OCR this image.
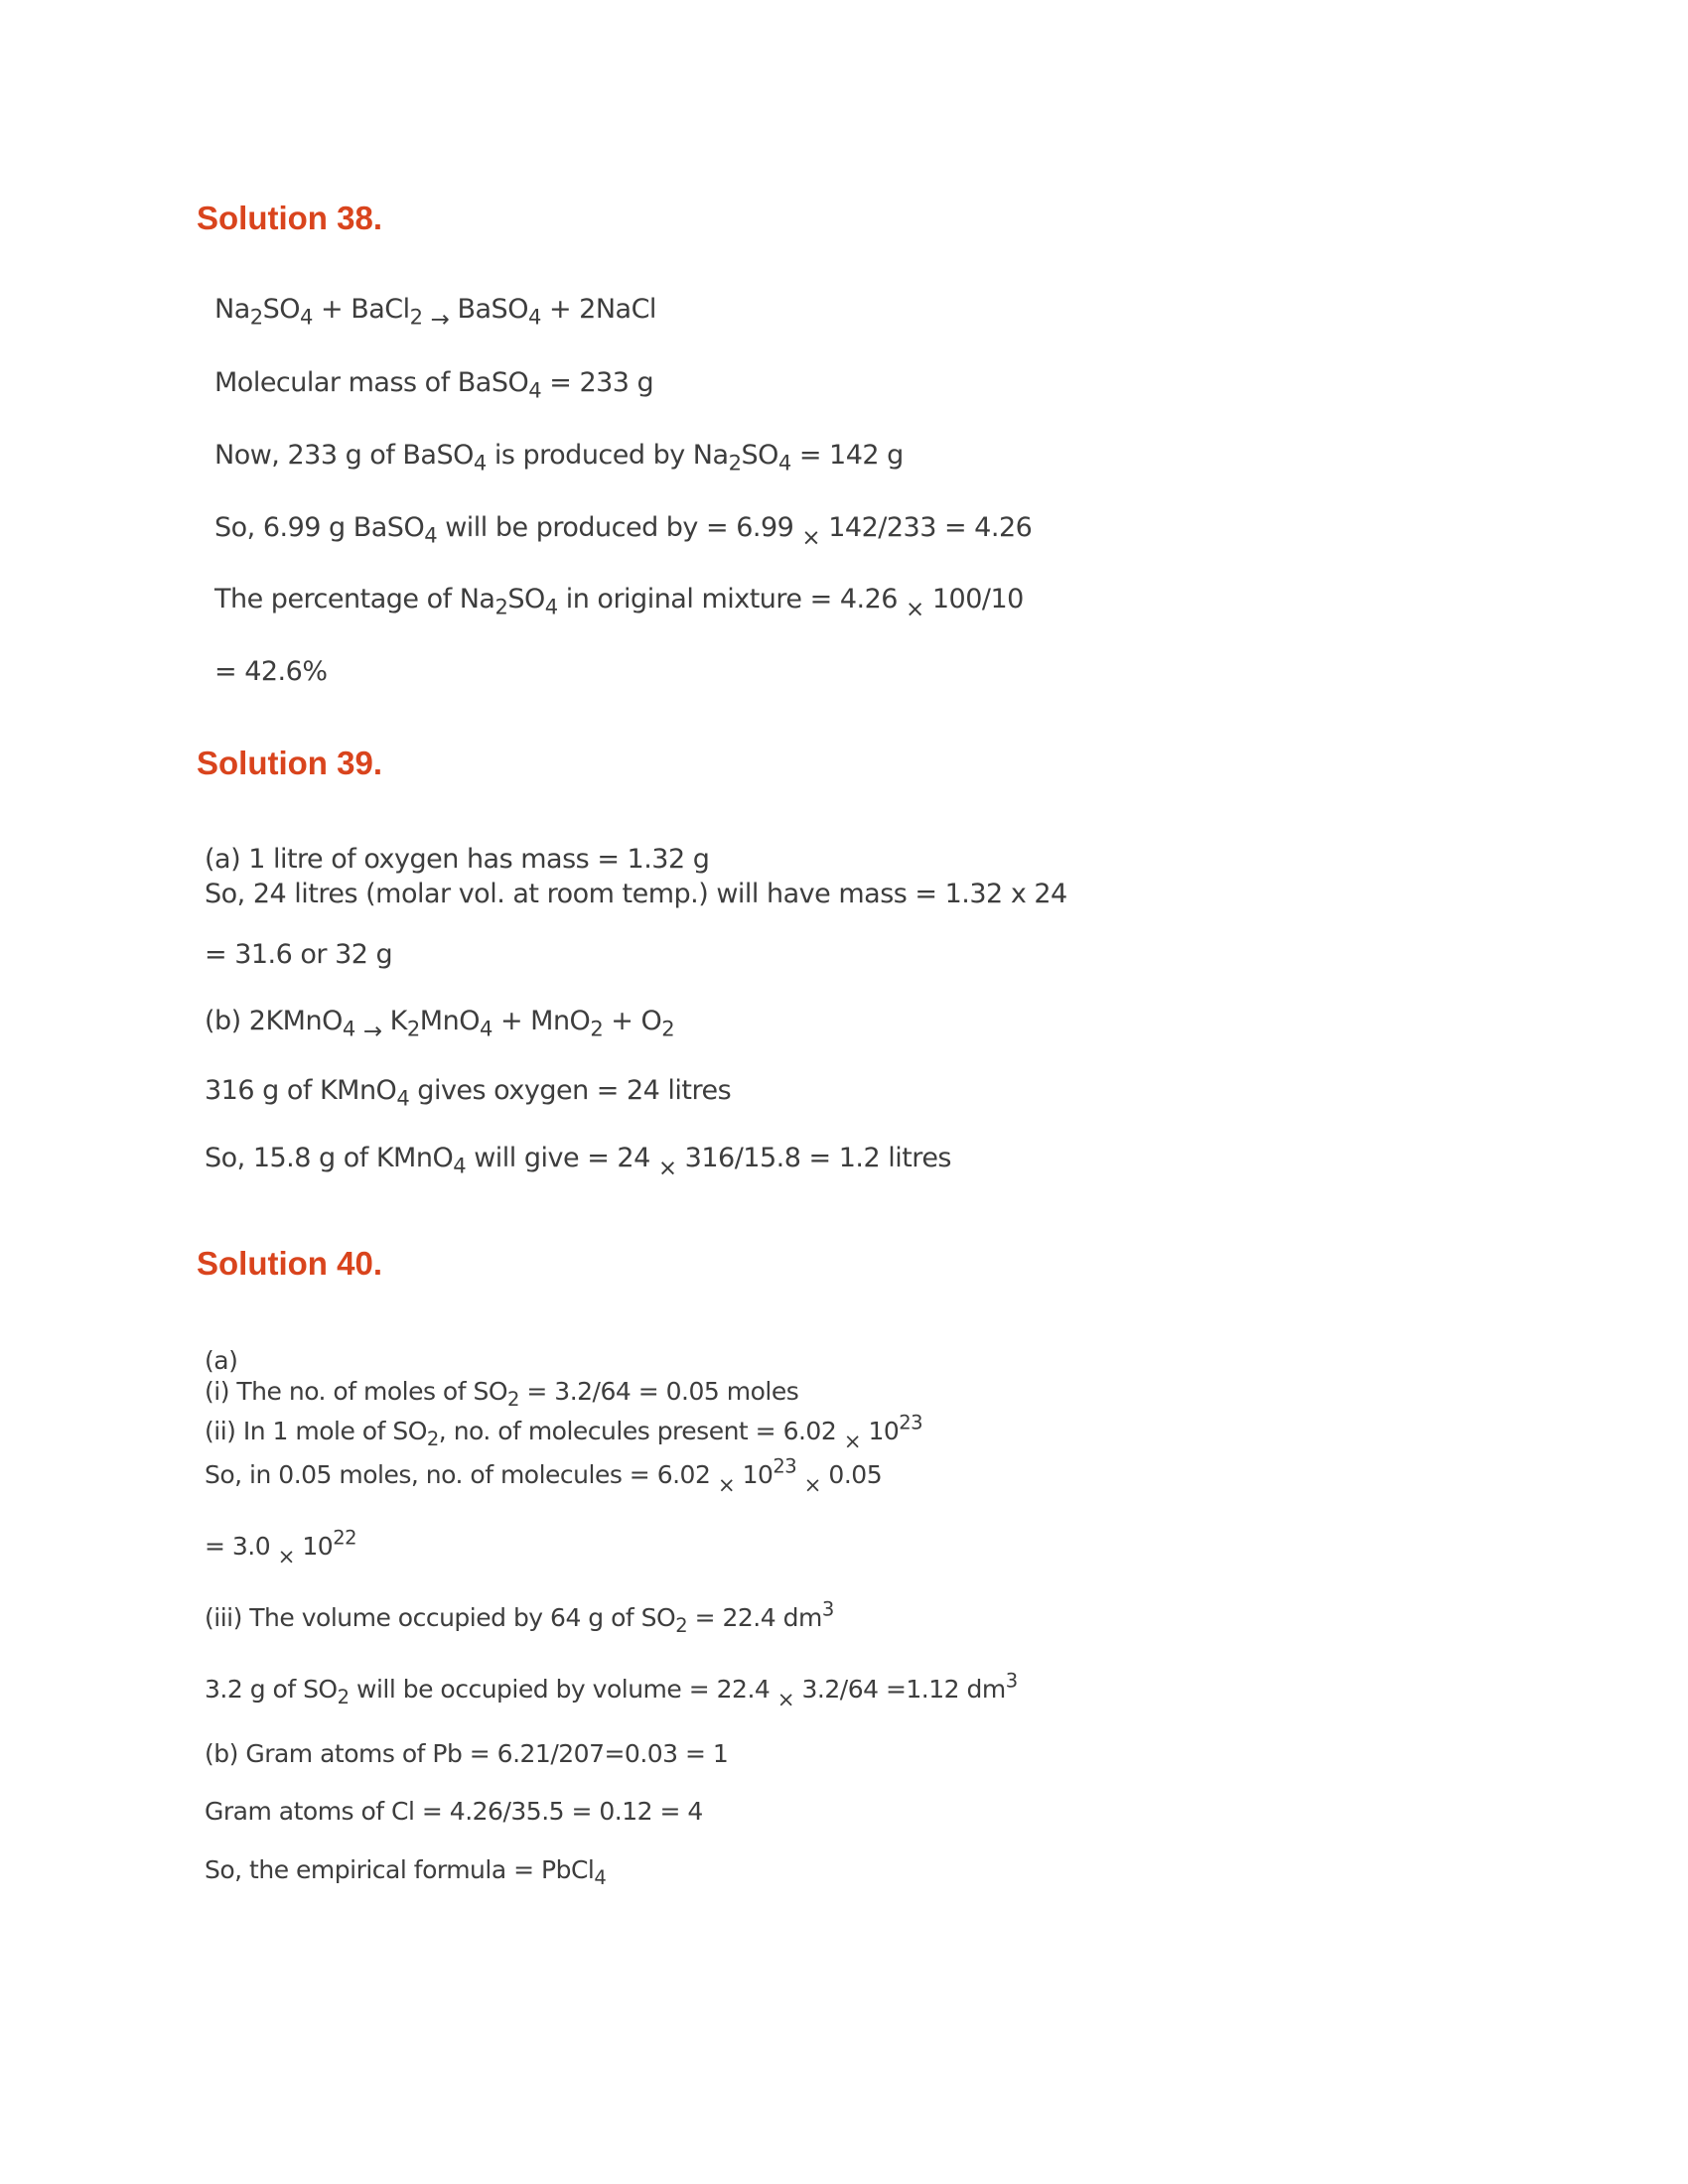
Solution 38.

$Na_2SO_4$ + BaCl$_2$ $_\to$ BaSO$_4$ + 2NaCl

Molecular mass of BaSO$_4$ = 233 g

Now, 233 g of BaSO$_4$ is produced by $Na_2SO_4 = 142$ g

So, 6.99 g BaSO$_4$ will be produced by = 6.99 $_\times$ 142/233 = 4.26

The percentage of $Na_2SO_4$ in original mixture = 4.26 $_\times$ 100/10

= 42.6%

Solution 39.

(a) 1 litre of oxygen has mass = 1.32 g

So, 24 litres (molar vol. at room temp.) will have mass = 1.32 x 24

= 31.6 or 32 g

(b) 2KMnO$_4$ $_\to$ $K_2MnO_4 + MnO_2 + O_2$

316 g of KMnO$_4$ gives oxygen = 24 litres

So, 15.8 g of KMnO$_4$ will give = 24 $_\times$ 316/15.8 = 1.2 litres

Solution 40.

(a)

(i) The no. of moles of $SO_2 = 3.2/64 = 0.05$ moles

(ii) In 1 mole of $SO_2$, no. of molecules present = 6.02 $_\times$ $10^{23}$

So, in 0.05 moles, no. of molecules = 6.02 $_\times$ $10^{23}$ $_\times$ 0.05

= 3.0 $_\times$ $10^{22}$

(iii) The volume occupied by 64 g of $SO_2 = 22.4$ $dm^3$

3.2 g of $SO_2$ will be occupied by volume = 22.4 $_\times$ 3.2/64 =1.12 $dm^3$

(b) Gram atoms of Pb = 6.21/207=0.03 = 1

Gram atoms of Cl = 4.26/35.5 = 0.12 = 4

So, the empirical formula = PbCl$_4$
